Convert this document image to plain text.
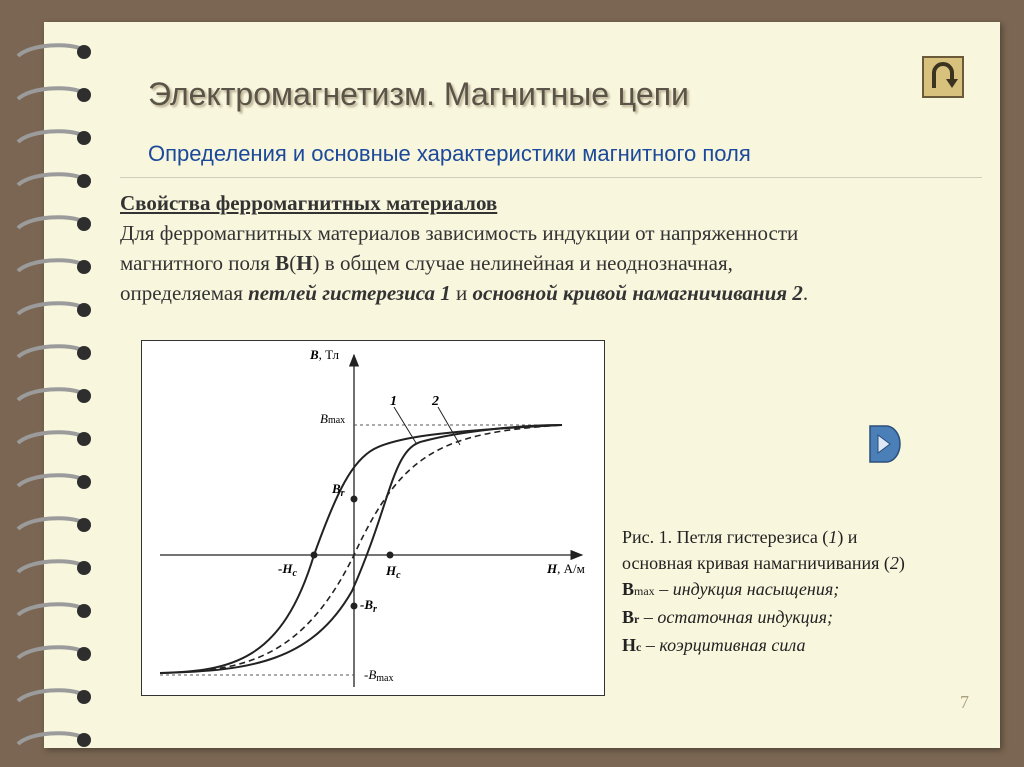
Электромагнетизм. Магнитные цепи
Определения и основные характеристики магнитного поля
Свойства ферромагнитных материалов
Для ферромагнитных материалов зависимость индукции от напряженности
магнитного поля B(H) в общем случае нелинейная и неоднозначная,
определяемая петлей гистерезиса 1 и основной кривой намагничивания 2.
B, Тл
H, А/м
Bmax
$B_r$
$-B_r$
-Bmax
$H_c$
$-H_c$
1	2
Рис. 1. Петля гистерезиса (1) и
основная кривая намагничивания (2)
Bmax – индукция насыщения;
Br – остаточная индукция;
Hc – коэрцитивная сила
7
